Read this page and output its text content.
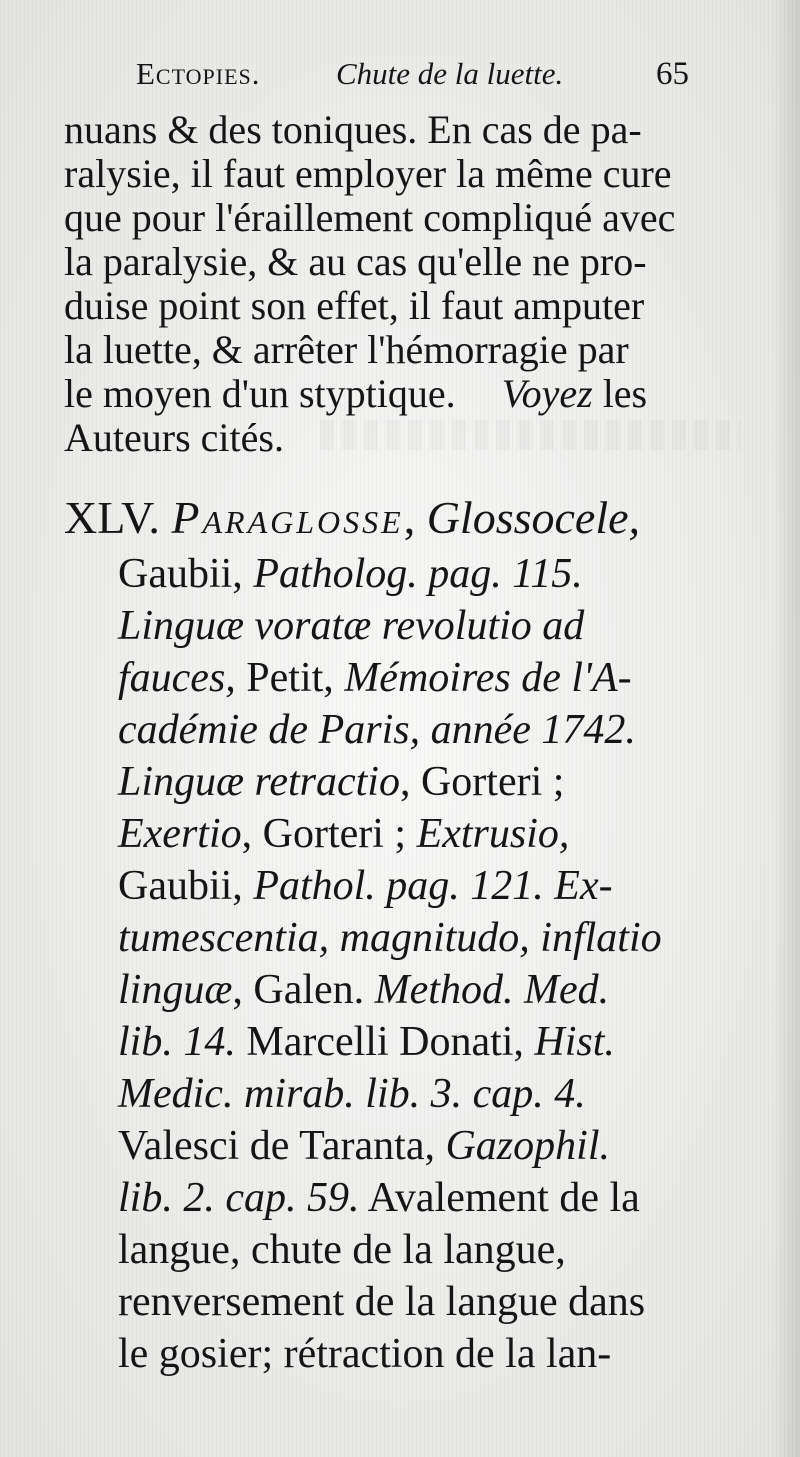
Ectopies. Chute de la luette.	65
nuans & des toniques. En cas de pa-
ralysie, il faut employer la même cure
que pour l'éraillement compliqué avec
la paralysie, & au cas qu'elle ne pro-
duise point son effet, il faut amputer
la luette, & arrêter l'hémorragie par
le moyen d'un styptique. Voyez les
Auteurs cités.
XLV. Paraglosse, Glossocele,
Gaubii, Patholog. pag. 115.
Linguæ voratæ revolutio ad
fauces, Petit, Mémoires de l'A-
cadémie de Paris, année 1742.
Linguæ retractio, Gorteri ;
Exertio, Gorteri ; Extrusio,
Gaubii, Pathol. pag. 121. Ex-
tumescentia, magnitudo, inflatio
linguæ, Galen. Method. Med.
lib. 14. Marcelli Donati, Hist.
Medic. mirab. lib. 3. cap. 4.
Valesci de Taranta, Gazophil.
lib. 2. cap. 59. Avalement de la
langue, chute de la langue,
renversement de la langue dans
le gosier; rétraction de la lan-
